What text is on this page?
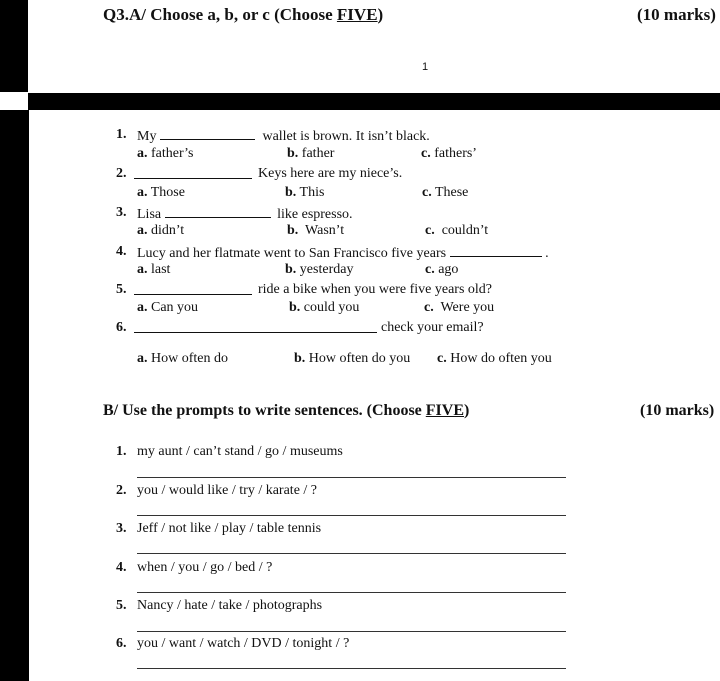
Q3.A/ Choose a, b, or c (Choose FIVE)	(10 marks)
1
1. My	wallet is brown. It isn’t black.
a. father’s	b. father	c. fathers’
2.	Keys here are my niece’s.
a. Those	b. This	c. These
3. Lisa	like espresso.
a. didn’t	b. Wasn’t	c. couldn’t
4. Lucy and her flatmate went to San Francisco five years	.
a. last	b. yesterday	c. ago
5.	ride a bike when you were five years old?
a. Can you	b. could you	c. Were you
6.	check your email?
a. How often do	b. How often do you c. How do often you
B/ Use the prompts to write sentences. (Choose FIVE)	(10 marks)
1. my aunt / can’t stand / go / museums
2. you / would like / try / karate / ?
3. Jeff / not like / play / table tennis
4. when / you / go / bed / ?
5. Nancy / hate / take / photographs
6. you / want / watch / DVD / tonight / ?
